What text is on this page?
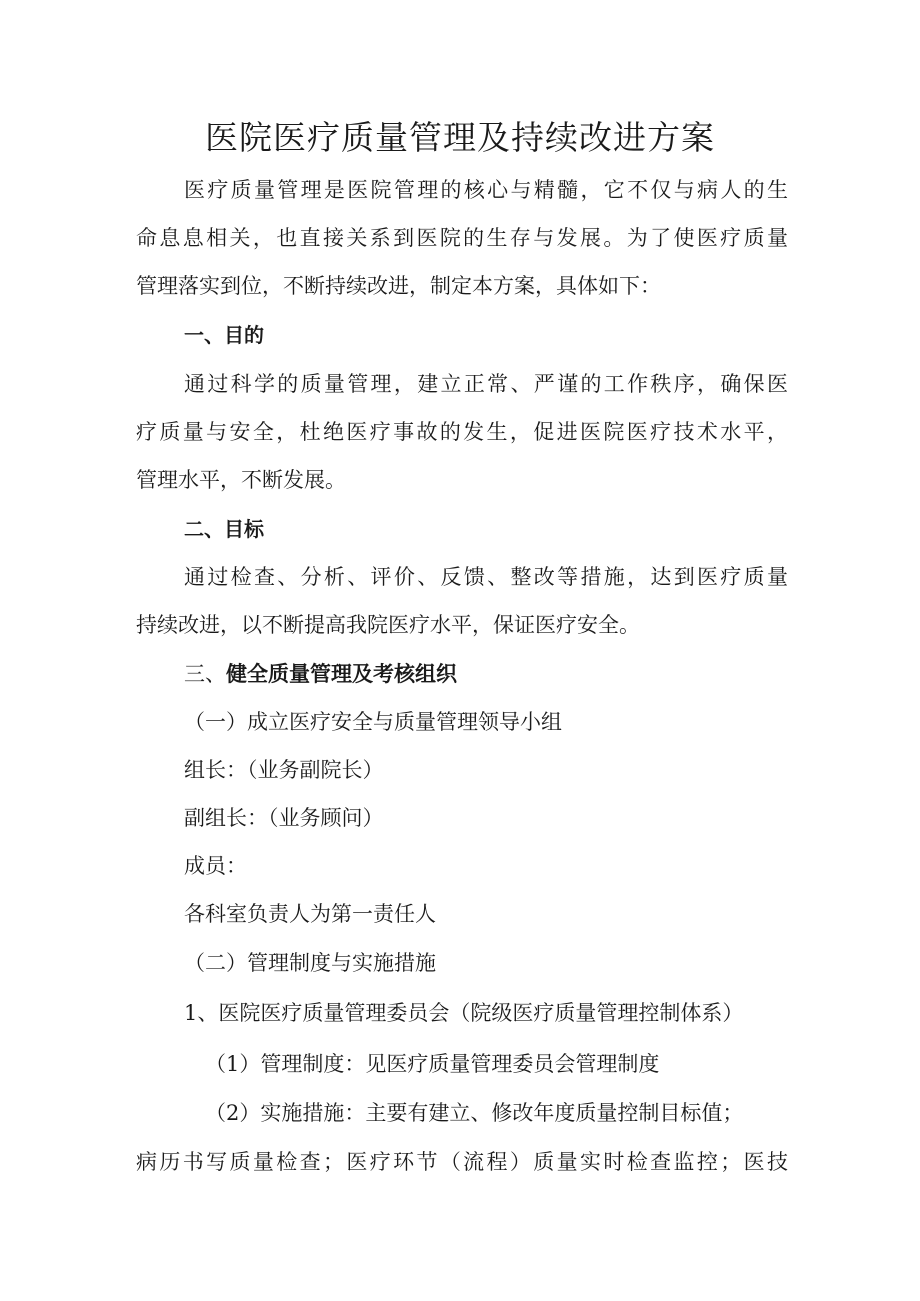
医院医疗质量管理及持续改进方案
医疗质量管理是医院管理的核心与精髓，它不仅与病人的生
命息息相关，也直接关系到医院的生存与发展。为了使医疗质量
管理落实到位，不断持续改进，制定本方案，具体如下：
一、目的
通过科学的质量管理，建立正常、严谨的工作秩序，确保医
疗质量与安全，杜绝医疗事故的发生，促进医院医疗技术水平，
管理水平，不断发展。
二、目标
通过检查、分析、评价、反馈、整改等措施，达到医疗质量
持续改进，以不断提高我院医疗水平，保证医疗安全。
三、健全质量管理及考核组织
（一）成立医疗安全与质量管理领导小组
组长：（业务副院长）
副组长：（业务顾问）
成员：
各科室负责人为第一责任人
（二）管理制度与实施措施
1、医院医疗质量管理委员会（院级医疗质量管理控制体系）
（1）管理制度：见医疗质量管理委员会管理制度
（2）实施措施：主要有建立、修改年度质量控制目标值；
病历书写质量检查；医疗环节（流程）质量实时检查监控；医技
